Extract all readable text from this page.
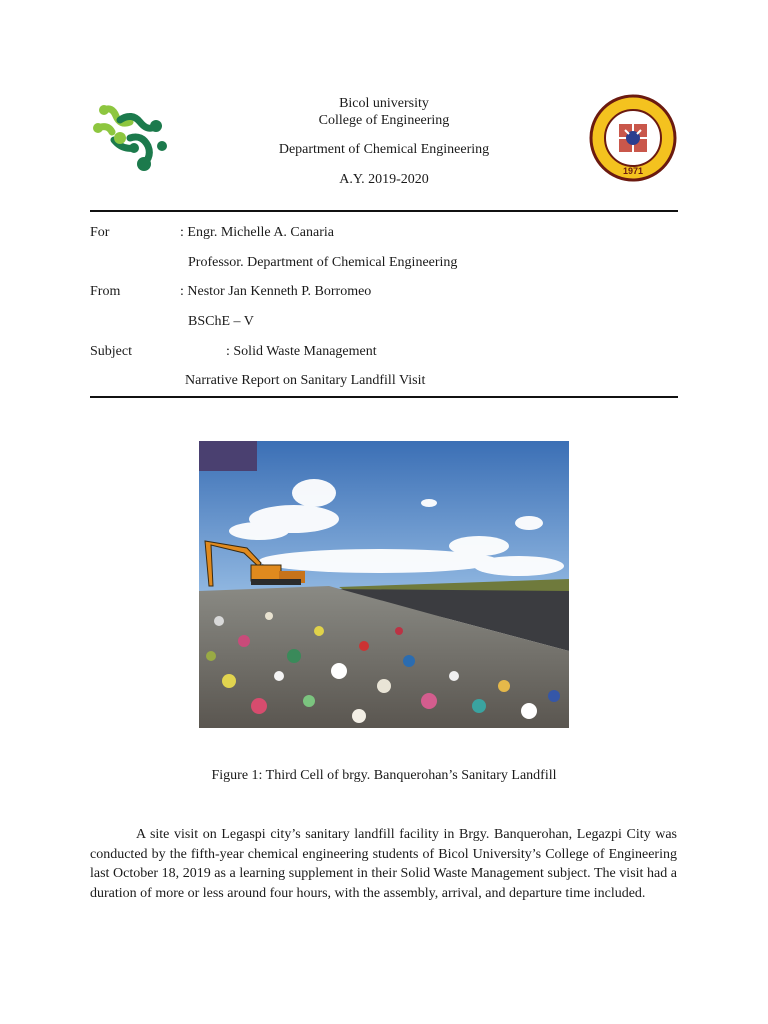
Bicol university
College of Engineering
Department of Chemical Engineering
A.Y. 2019-2020
1971
For	: Engr. Michelle A. Canaria
Professor. Department of Chemical Engineering
From	: Nestor Jan Kenneth P. Borromeo
BSChE – V
Subject	: Solid Waste Management
Narrative Report on Sanitary Landfill Visit
Figure 1: Third Cell of brgy. Banquerohan’s Sanitary Landfill
A site visit on Legaspi city’s sanitary landfill facility in Brgy. Banquerohan, Legazpi City was conducted by the fifth-year chemical engineering students of Bicol University’s College of Engineering last October 18, 2019 as a learning supplement in their Solid Waste Management subject. The visit had a duration of more or less around four hours, with the assembly, arrival, and departure time included.
